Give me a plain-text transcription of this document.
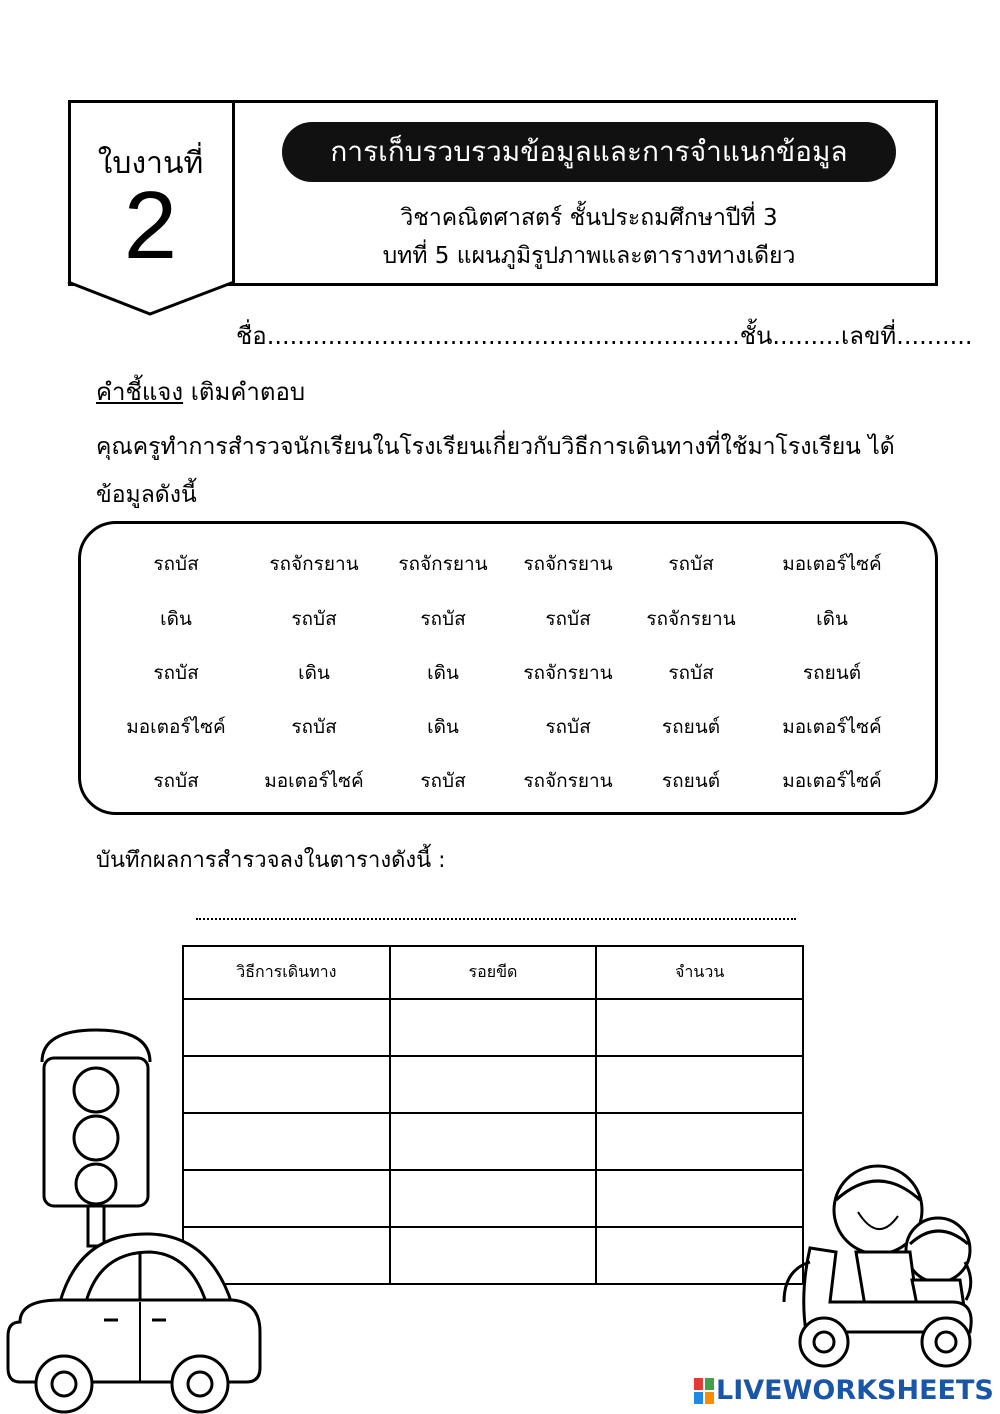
ใบงานที่
2
การเก็บรวบรวมข้อมูลและการจำแนกข้อมูล
วิชาคณิตศาสตร์ ชั้นประถมศึกษาปีที่ 3
บทที่ 5 แผนภูมิรูปภาพและตารางทางเดียว
ชื่อ..............................................................ชั้น.........เลขที่..........
คำชี้แจง เติมคำตอบ
คุณครูทำการสำรวจนักเรียนในโรงเรียนเกี่ยวกับวิธีการเดินทางที่ใช้มาโรงเรียน ได้ข้อมูลดังนี้
รถบัส	รถจักรยาน	รถจักรยาน	รถจักรยาน	รถบัส	มอเตอร์ไซค์
เดิน	รถบัส	รถบัส	รถบัส	รถจักรยาน	เดิน
รถบัส	เดิน	เดิน	รถจักรยาน	รถบัส	รถยนต์
มอเตอร์ไซค์	รถบัส	เดิน	รถบัส	รถยนต์	มอเตอร์ไซค์
รถบัส	มอเตอร์ไซค์	รถบัส	รถจักรยาน	รถยนต์	มอเตอร์ไซค์
บันทึกผลการสำรวจลงในตารางดังนี้ :
วิธีการเดินทาง	รอยขีด	จำนวน

LIVEWORKSHEETS
